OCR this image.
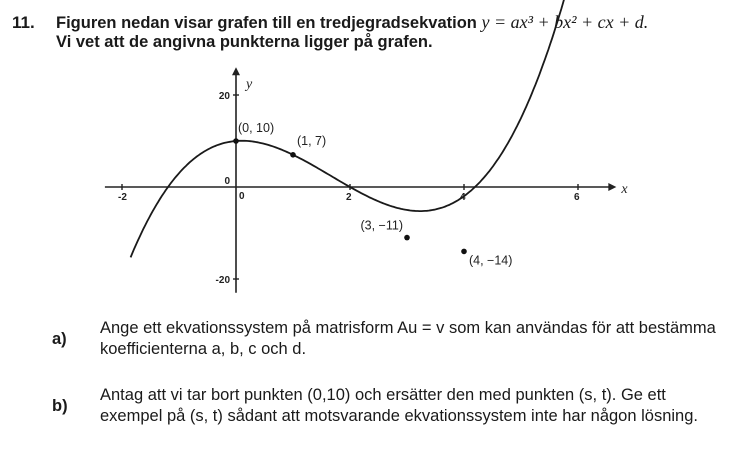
11. Figuren nedan visar grafen till en tredjegradsekvation y = ax³ + bx² + cx + d.
Vi vet att de angivna punkterna ligger på grafen.
-2	2	4	6
20
-20
0
x
y
0
(0, 10)
(1, 7)
(3, −11)
(4, −14)
a)
Ange ett ekvationssystem på matrisform Au = v som kan användas för att bestämma koefficienterna a, b, c och d.
b)
Antag att vi tar bort punkten (0,10) och ersätter den med punkten (s, t). Ge ett exempel på (s, t) sådant att motsvarande ekvationssystem inte har någon lösning.
